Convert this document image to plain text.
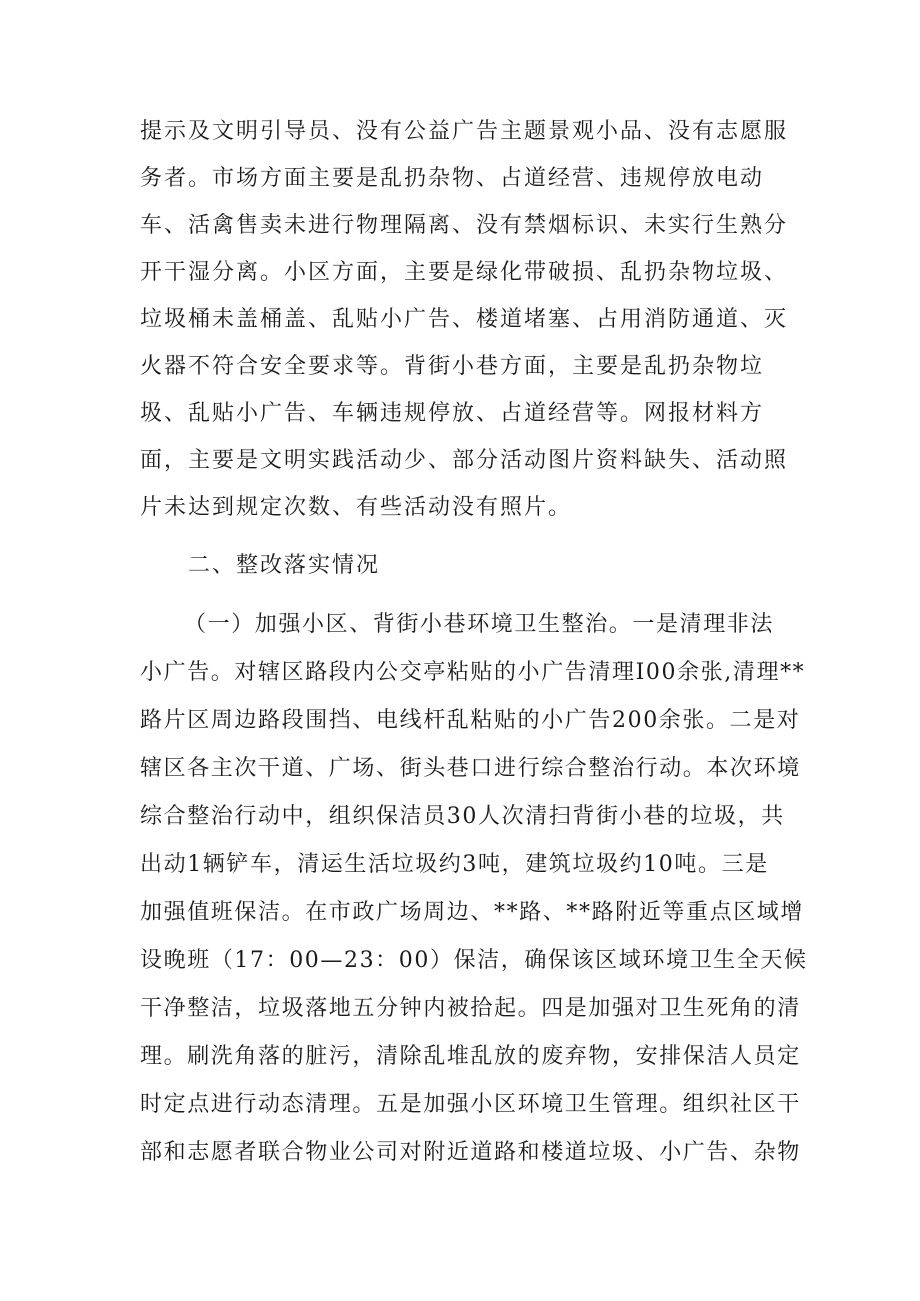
提示及文明引导员、没有公益广告主题景观小品、没有志愿服
务者。市场方面主要是乱扔杂物、占道经营、违规停放电动
车、活禽售卖未进行物理隔离、没有禁烟标识、未实行生熟分
开干湿分离。小区方面，主要是绿化带破损、乱扔杂物垃圾、
垃圾桶未盖桶盖、乱贴小广告、楼道堵塞、占用消防通道、灭
火器不符合安全要求等。背街小巷方面，主要是乱扔杂物垃
圾、乱贴小广告、车辆违规停放、占道经营等。网报材料方
面，主要是文明实践活动少、部分活动图片资料缺失、活动照
片未达到规定次数、有些活动没有照片。
二、整改落实情况
（一）加强小区、背街小巷环境卫生整治。一是清理非法
小广告。对辖区路段内公交亭粘贴的小广告清理I00余张,清理**
路片区周边路段围挡、电线杆乱粘贴的小广告200余张。二是对
辖区各主次干道、广场、街头巷口进行综合整治行动。本次环境
综合整治行动中，组织保洁员30人次清扫背街小巷的垃圾，共
出动1辆铲车，清运生活垃圾约3吨，建筑垃圾约10吨。三是
加强值班保洁。在市政广场周边、**路、**路附近等重点区域增
设晚班（17：00—23：00）保洁，确保该区域环境卫生全天候
干净整洁，垃圾落地五分钟内被拾起。四是加强对卫生死角的清
理。刷洗角落的脏污，清除乱堆乱放的废弃物，安排保洁人员定
时定点进行动态清理。五是加强小区环境卫生管理。组织社区干
部和志愿者联合物业公司对附近道路和楼道垃圾、小广告、杂物
